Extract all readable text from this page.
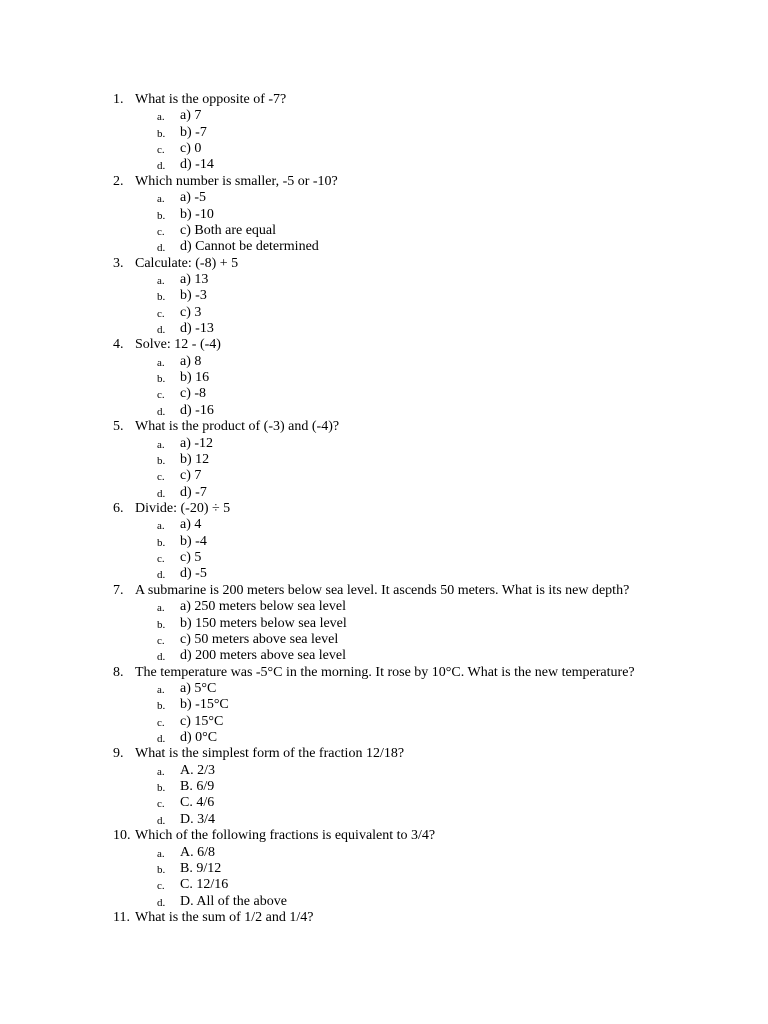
1. What is the opposite of -7?
a. a) 7
b. b) -7
c. c) 0
d. d) -14
2. Which number is smaller, -5 or -10?
a. a) -5
b. b) -10
c. c) Both are equal
d. d) Cannot be determined
3. Calculate: (-8) + 5
a. a) 13
b. b) -3
c. c) 3
d. d) -13
4. Solve: 12 - (-4)
a. a) 8
b. b) 16
c. c) -8
d. d) -16
5. What is the product of (-3) and (-4)?
a. a) -12
b. b) 12
c. c) 7
d. d) -7
6. Divide: (-20) ÷ 5
a. a) 4
b. b) -4
c. c) 5
d. d) -5
7. A submarine is 200 meters below sea level. It ascends 50 meters. What is its new depth?
a. a) 250 meters below sea level
b. b) 150 meters below sea level
c. c) 50 meters above sea level
d. d) 200 meters above sea level
8. The temperature was -5°C in the morning. It rose by 10°C. What is the new temperature?
a. a) 5°C
b. b) -15°C
c. c) 15°C
d. d) 0°C
9. What is the simplest form of the fraction 12/18?
a. A. 2/3
b. B. 6/9
c. C. 4/6
d. D. 3/4
10. Which of the following fractions is equivalent to 3/4?
a. A. 6/8
b. B. 9/12
c. C. 12/16
d. D. All of the above
11. What is the sum of 1/2 and 1/4?
